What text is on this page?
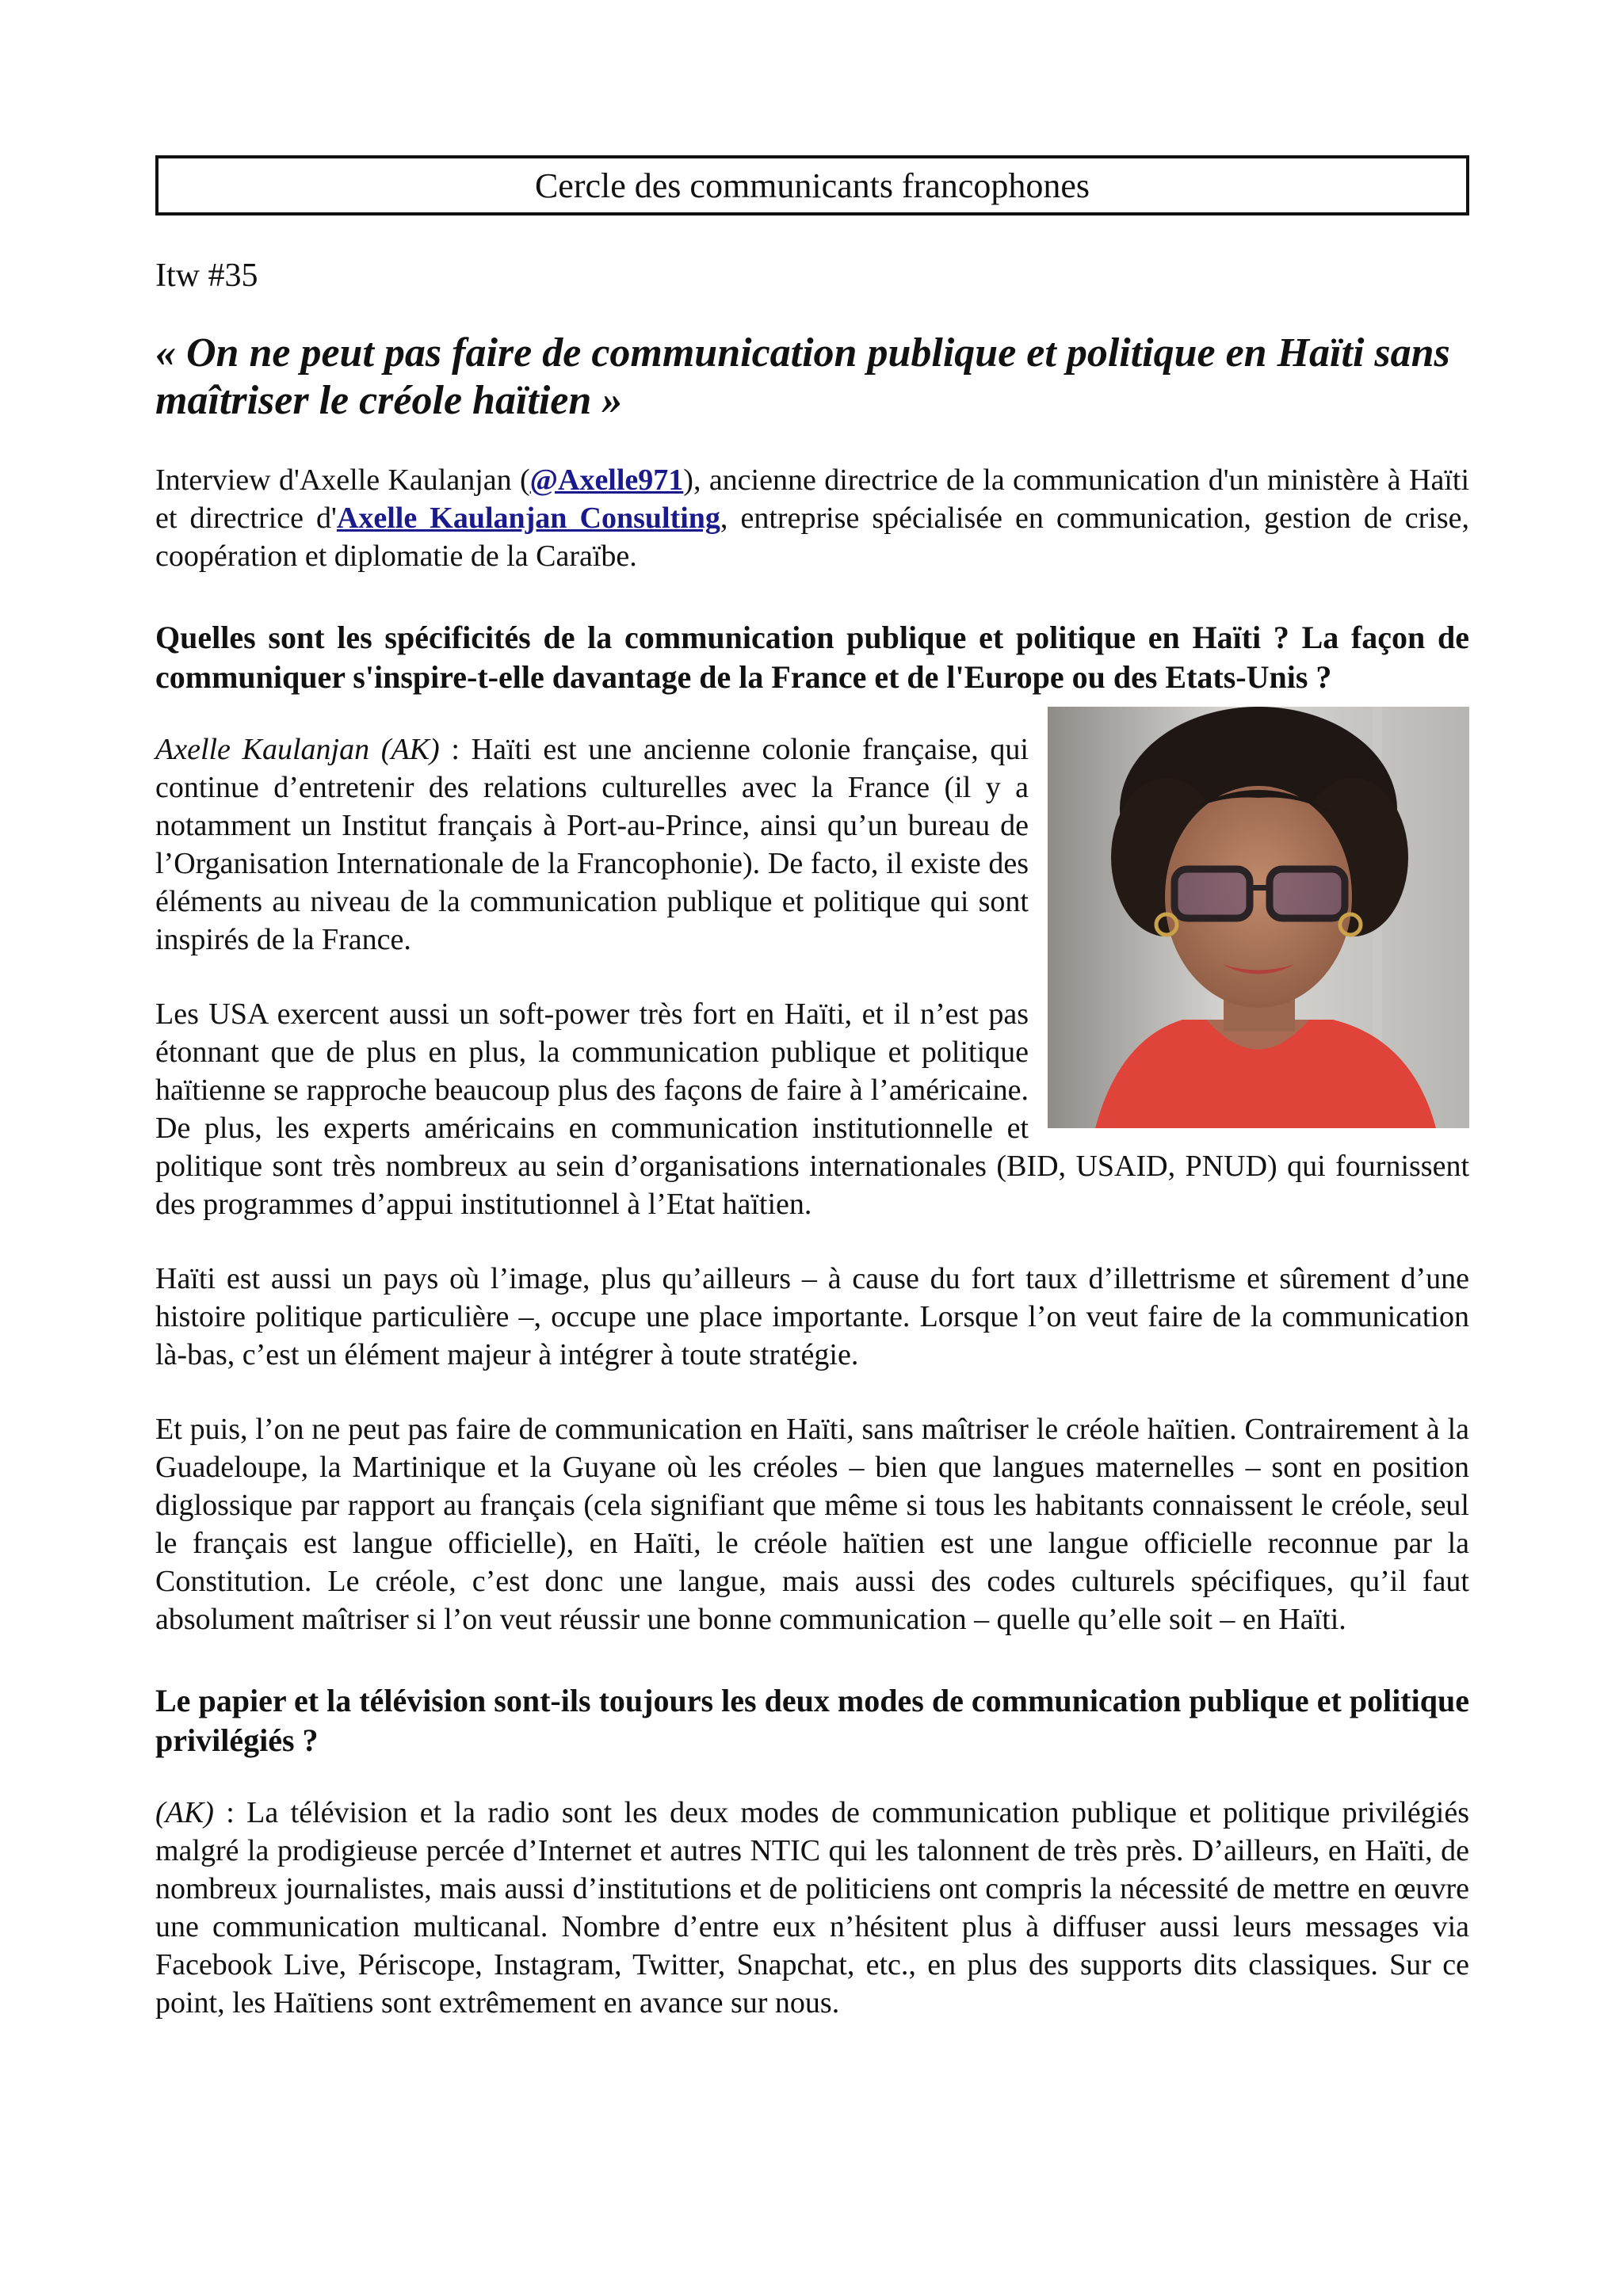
Cercle des communicants francophones
Itw #35
« On ne peut pas faire de communication publique et politique en Haïti sans maîtriser le créole haïtien »

Interview d'Axelle Kaulanjan (@Axelle971), ancienne directrice de la communication d'un ministère à Haïti et directrice d'Axelle Kaulanjan Consulting, entreprise spécialisée en communication, gestion de crise, coopération et diplomatie de la Caraïbe.

Quelles sont les spécificités de la communication publique et politique en Haïti ? La façon de communiquer s'inspire-t-elle davantage de la France et de l'Europe ou des Etats-Unis ?

Axelle Kaulanjan (AK) : Haïti est une ancienne colonie française, qui continue d’entretenir des relations culturelles avec la France (il y a notamment un Institut français à Port-au-Prince, ainsi qu’un bureau de l’Organisation Internationale de la Francophonie). De facto, il existe des éléments au niveau de la communication publique et politique qui sont inspirés de la France.

Les USA exercent aussi un soft-power très fort en Haïti, et il n’est pas étonnant que de plus en plus, la communication publique et politique haïtienne se rapproche beaucoup plus des façons de faire à l’américaine. De plus, les experts américains en communication institutionnelle et politique sont très nombreux au sein d’organisations internationales (BID, USAID, PNUD) qui fournissent des programmes d’appui institutionnel à l’Etat haïtien.

Haïti est aussi un pays où l’image, plus qu’ailleurs – à cause du fort taux d’illettrisme et sûrement d’une histoire politique particulière –, occupe une place importante. Lorsque l’on veut faire de la communication là-bas, c’est un élément majeur à intégrer à toute stratégie.

Et puis, l’on ne peut pas faire de communication en Haïti, sans maîtriser le créole haïtien. Contrairement à la Guadeloupe, la Martinique et la Guyane où les créoles – bien que langues maternelles – sont en position diglossique par rapport au français (cela signifiant que même si tous les habitants connaissent le créole, seul le français est langue officielle), en Haïti, le créole haïtien est une langue officielle reconnue par la Constitution. Le créole, c’est donc une langue, mais aussi des codes culturels spécifiques, qu’il faut absolument maîtriser si l’on veut réussir une bonne communication – quelle qu’elle soit – en Haïti.

Le papier et la télévision sont-ils toujours les deux modes de communication publique et politique privilégiés ?

(AK) : La télévision et la radio sont les deux modes de communication publique et politique privilégiés malgré la prodigieuse percée d’Internet et autres NTIC qui les talonnent de très près. D’ailleurs, en Haïti, de nombreux journalistes, mais aussi d’institutions et de politiciens ont compris la nécessité de mettre en œuvre une communication multicanal. Nombre d’entre eux n’hésitent plus à diffuser aussi leurs messages via Facebook Live, Périscope, Instagram, Twitter, Snapchat, etc., en plus des supports dits classiques. Sur ce point, les Haïtiens sont extrêmement en avance sur nous.
